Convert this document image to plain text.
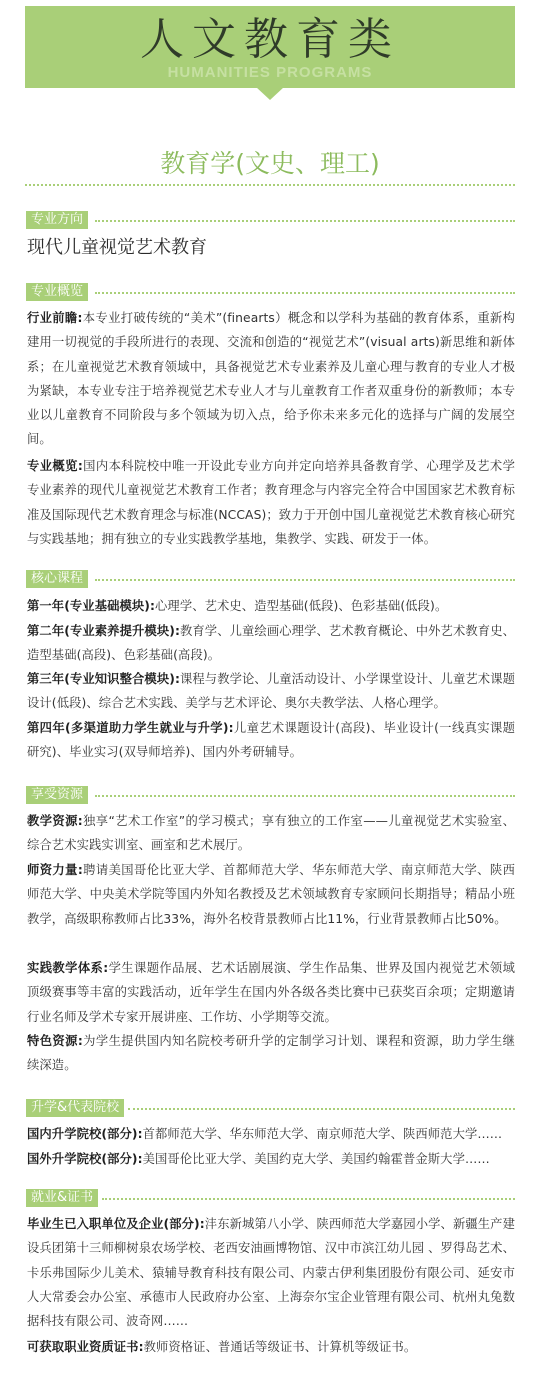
人文教育类
HUMANITIES PROGRAMS
教育学(文史、理工)
专业方向
现代儿童视觉艺术教育
专业概览
行业前瞻:本专业打破传统的“美术”(finearts）概念和以学科为基础的教育体系，重新构建用一切视觉的手段所进行的表现、交流和创造的“视觉艺术”(visual arts)新思维和新体系；在儿童视觉艺术教育领域中，具备视觉艺术专业素养及儿童心理与教育的专业人才极为紧缺，本专业专注于培养视觉艺术专业人才与儿童教育工作者双重身份的新教师；本专业以儿童教育不同阶段与多个领域为切入点，给予你未来多元化的选择与广阔的发展空间。
专业概览:国内本科院校中唯一开设此专业方向并定向培养具备教育学、心理学及艺术学专业素养的现代儿童视觉艺术教育工作者；教育理念与内容完全符合中国国家艺术教育标准及国际现代艺术教育理念与标准(NCCAS)；致力于开创中国儿童视觉艺术教育核心研究与实践基地；拥有独立的专业实践教学基地，集教学、实践、研发于一体。
核心课程
第一年(专业基础模块):心理学、艺术史、造型基础(低段)、色彩基础(低段)。
第二年(专业素养提升模块):教育学、儿童绘画心理学、艺术教育概论、中外艺术教育史、造型基础(高段)、色彩基础(高段)。
第三年(专业知识整合模块):课程与教学论、儿童活动设计、小学课堂设计、儿童艺术课题设计(低段)、综合艺术实践、美学与艺术评论、奥尔夫教学法、人格心理学。
第四年(多渠道助力学生就业与升学):儿童艺术课题设计(高段)、毕业设计(一线真实课题研究)、毕业实习(双导师培养)、国内外考研辅导。
享受资源
教学资源:独享“艺术工作室”的学习模式；享有独立的工作室——儿童视觉艺术实验室、综合艺术实践实训室、画室和艺术展厅。
师资力量:聘请美国哥伦比亚大学、首都师范大学、华东师范大学、南京师范大学、陕西师范大学、中央美术学院等国内外知名教授及艺术领域教育专家顾问长期指导；精品小班教学，高级职称教师占比33%，海外名校背景教师占比11%，行业背景教师占比50%。
实践教学体系:学生课题作品展、艺术话剧展演、学生作品集、世界及国内视觉艺术领域顶级赛事等丰富的实践活动，近年学生在国内外各级各类比赛中已获奖百余项；定期邀请行业名师及学术专家开展讲座、工作坊、小学期等交流。
特色资源:为学生提供国内知名院校考研升学的定制学习计划、课程和资源，助力学生继续深造。
升学&代表院校
国内升学院校(部分):首都师范大学、华东师范大学、南京师范大学、陕西师范大学……
国外升学院校(部分):美国哥伦比亚大学、美国约克大学、美国约翰霍普金斯大学……
就业&证书
毕业生已入职单位及企业(部分):沣东新城第八小学、陕西师范大学嘉园小学、新疆生产建设兵团第十三师柳树泉农场学校、老西安油画博物馆、汉中市滨江幼儿园 、罗得岛艺术、卡乐弗国际少儿美术、猿辅导教育科技有限公司、内蒙古伊利集团股份有限公司、延安市人大常委会办公室、承德市人民政府办公室、上海奈尔宝企业管理有限公司、杭州丸兔数据科技有限公司、波奇网……
可获取职业资质证书:教师资格证、普通话等级证书、计算机等级证书。
